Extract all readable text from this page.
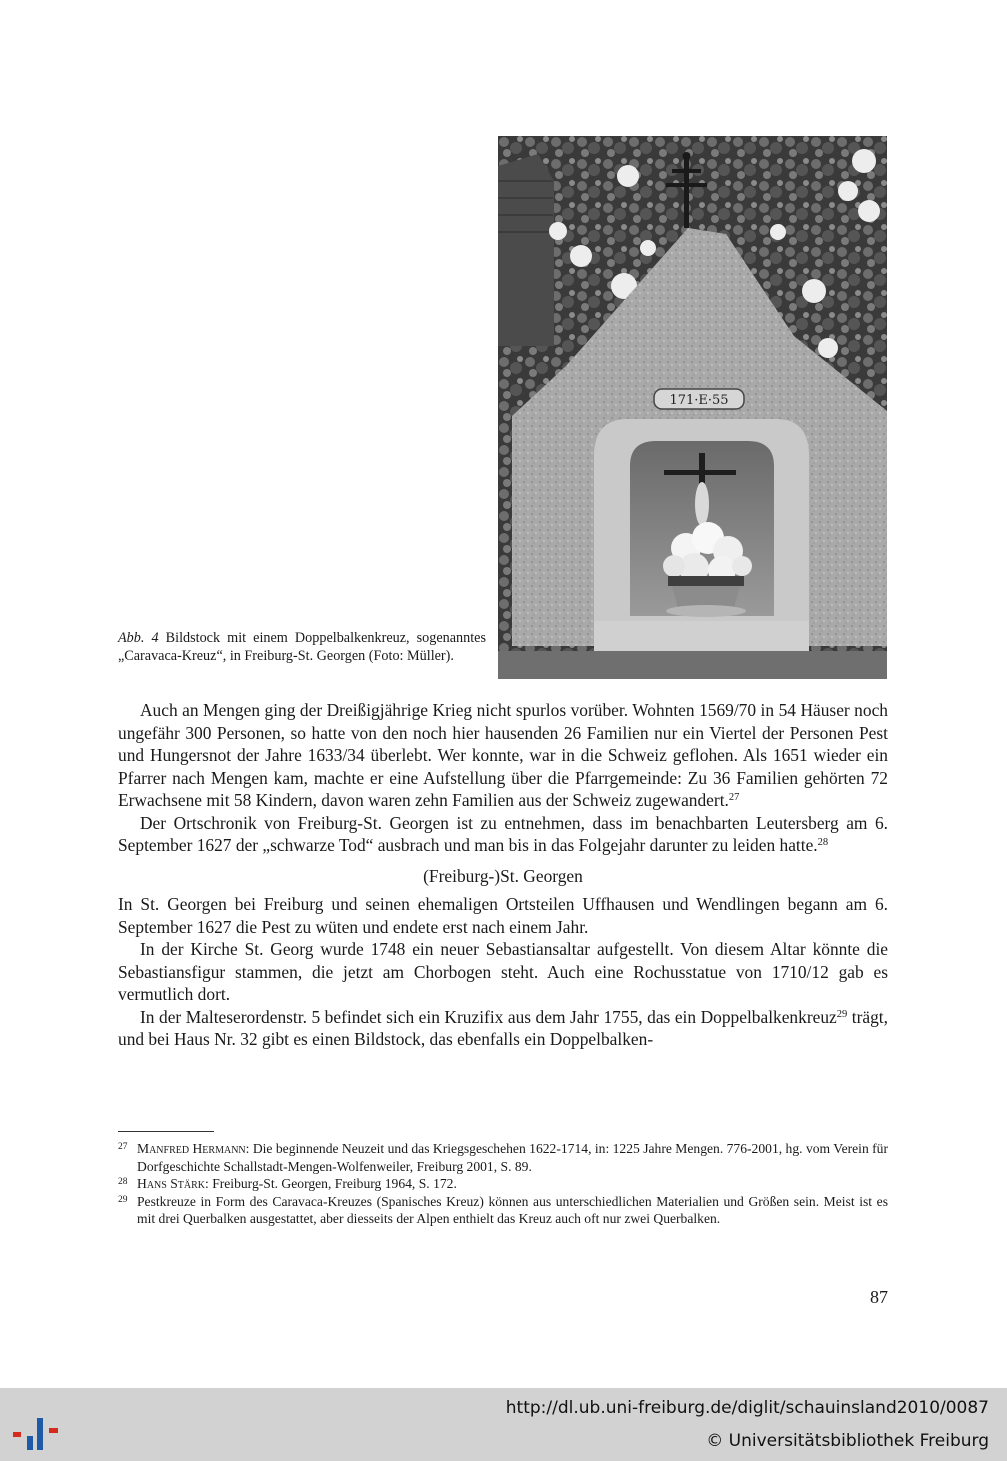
171·E·55
Abb. 4 Bildstock mit einem Doppelbalkenkreuz, sogenanntes „Caravaca-Kreuz“, in Freiburg-St. Georgen (Foto: Müller).

Auch an Mengen ging der Dreißigjährige Krieg nicht spurlos vorüber. Wohnten 1569/70 in 54 Häuser noch ungefähr 300 Personen, so hatte von den noch hier hausenden 26 Familien nur ein Viertel der Personen Pest und Hungersnot der Jahre 1633/34 überlebt. Wer konnte, war in die Schweiz geflohen. Als 1651 wieder ein Pfarrer nach Mengen kam, machte er eine Aufstellung über die Pfarrgemeinde: Zu 36 Familien gehörten 72 Erwachsene mit 58 Kindern, davon waren zehn Familien aus der Schweiz zugewandert.$^{27}$

Der Ortschronik von Freiburg-St. Georgen ist zu entnehmen, dass im benachbarten Leutersberg am 6. September 1627 der „schwarze Tod“ ausbrach und man bis in das Folgejahr darunter zu leiden hatte.$^{28}$

(Freiburg-)St. Georgen

In St. Georgen bei Freiburg und seinen ehemaligen Ortsteilen Uffhausen und Wendlingen begann am 6. September 1627 die Pest zu wüten und endete erst nach einem Jahr.

In der Kirche St. Georg wurde 1748 ein neuer Sebastiansaltar aufgestellt. Von diesem Altar könnte die Sebastiansfigur stammen, die jetzt am Chorbogen steht. Auch eine Rochusstatue von 1710/12 gab es vermutlich dort.

In der Malteserordenstr. 5 befindet sich ein Kruzifix aus dem Jahr 1755, das ein Doppelbalkenkreuz$^{29}$ trägt, und bei Haus Nr. 32 gibt es einen Bildstock, das ebenfalls ein Doppelbalken-

27 Manfred Hermann: Die beginnende Neuzeit und das Kriegsgeschehen 1622-1714, in: 1225 Jahre Mengen. 776-2001, hg. vom Verein für Dorfgeschichte Schallstadt-Mengen-Wolfenweiler, Freiburg 2001, S. 89.

28 Hans Stärk: Freiburg-St. Georgen, Freiburg 1964, S. 172.

29 Pestkreuze in Form des Caravaca-Kreuzes (Spanisches Kreuz) können aus unterschiedlichen Materialien und Größen sein. Meist ist es mit drei Querbalken ausgestattet, aber diesseits der Alpen enthielt das Kreuz auch oft nur zwei Querbalken.

87
http://dl.ub.uni-freiburg.de/diglit/schauinsland2010/0087
© Universitätsbibliothek Freiburg
